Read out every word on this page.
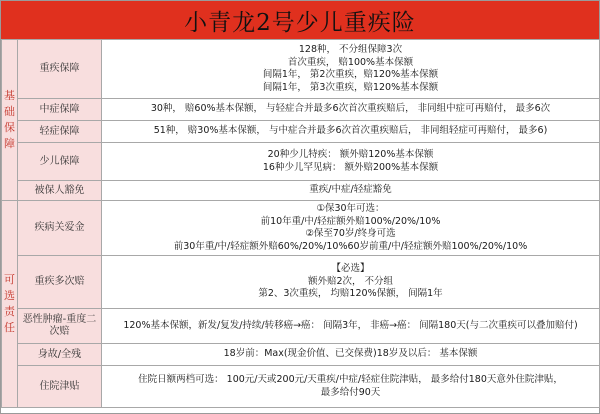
小青龙2号少儿重疾险
基础保障	重疾保障	128种， 不分组保障3次
首次重疾， 赔100%基本保额
间隔1年， 第2次重疾，赔120%基本保额
间隔1年， 第3次重疾，赔120%基本保额

	中症保障	30种， 赔60%基本保额， 与轻症合并最多6次首次重疾赔后， 非同组中症可再赔付， 最多6次

	轻症保障	51种， 赔30%基本保额， 与中症合并最多6次首次重疾赔后， 非同组轻症可再赔付， 最多6)

	少儿保障	20种少儿特疾： 额外赔120%基本保额
16种少儿罕见病： 额外赔200%基本保额

	被保人豁免	重疾/中症/轻症豁免

可选责任	疾病关爱金	①保30年可选：
前10年重/中/轻症额外赔100%/20%/10%
②保至70岁/终身可选
前30年重/中/轻症额外赔60%/20%/10%60岁前重/中/轻症额外赔100%/20%/10%

	重疾多次赔	【必选】
额外赔2次， 不分组
第2、3次重疾， 均赔120%保额， 间隔1年

	恶性肿瘤-重度二次赔	120%基本保额，新发/复发/持续/转移癌→癌： 间隔3年， 非癌→癌： 间隔180天(与二次重疾可以叠加赔付)

	身故/全残	18岁前：Max(现金价值、已交保费)18岁及以后： 基本保额

	住院津贴	住院日额两档可选： 100元/天或200元/天重疾/中症/轻症住院津贴， 最多给付180天意外住院津贴，
最多给付90天
